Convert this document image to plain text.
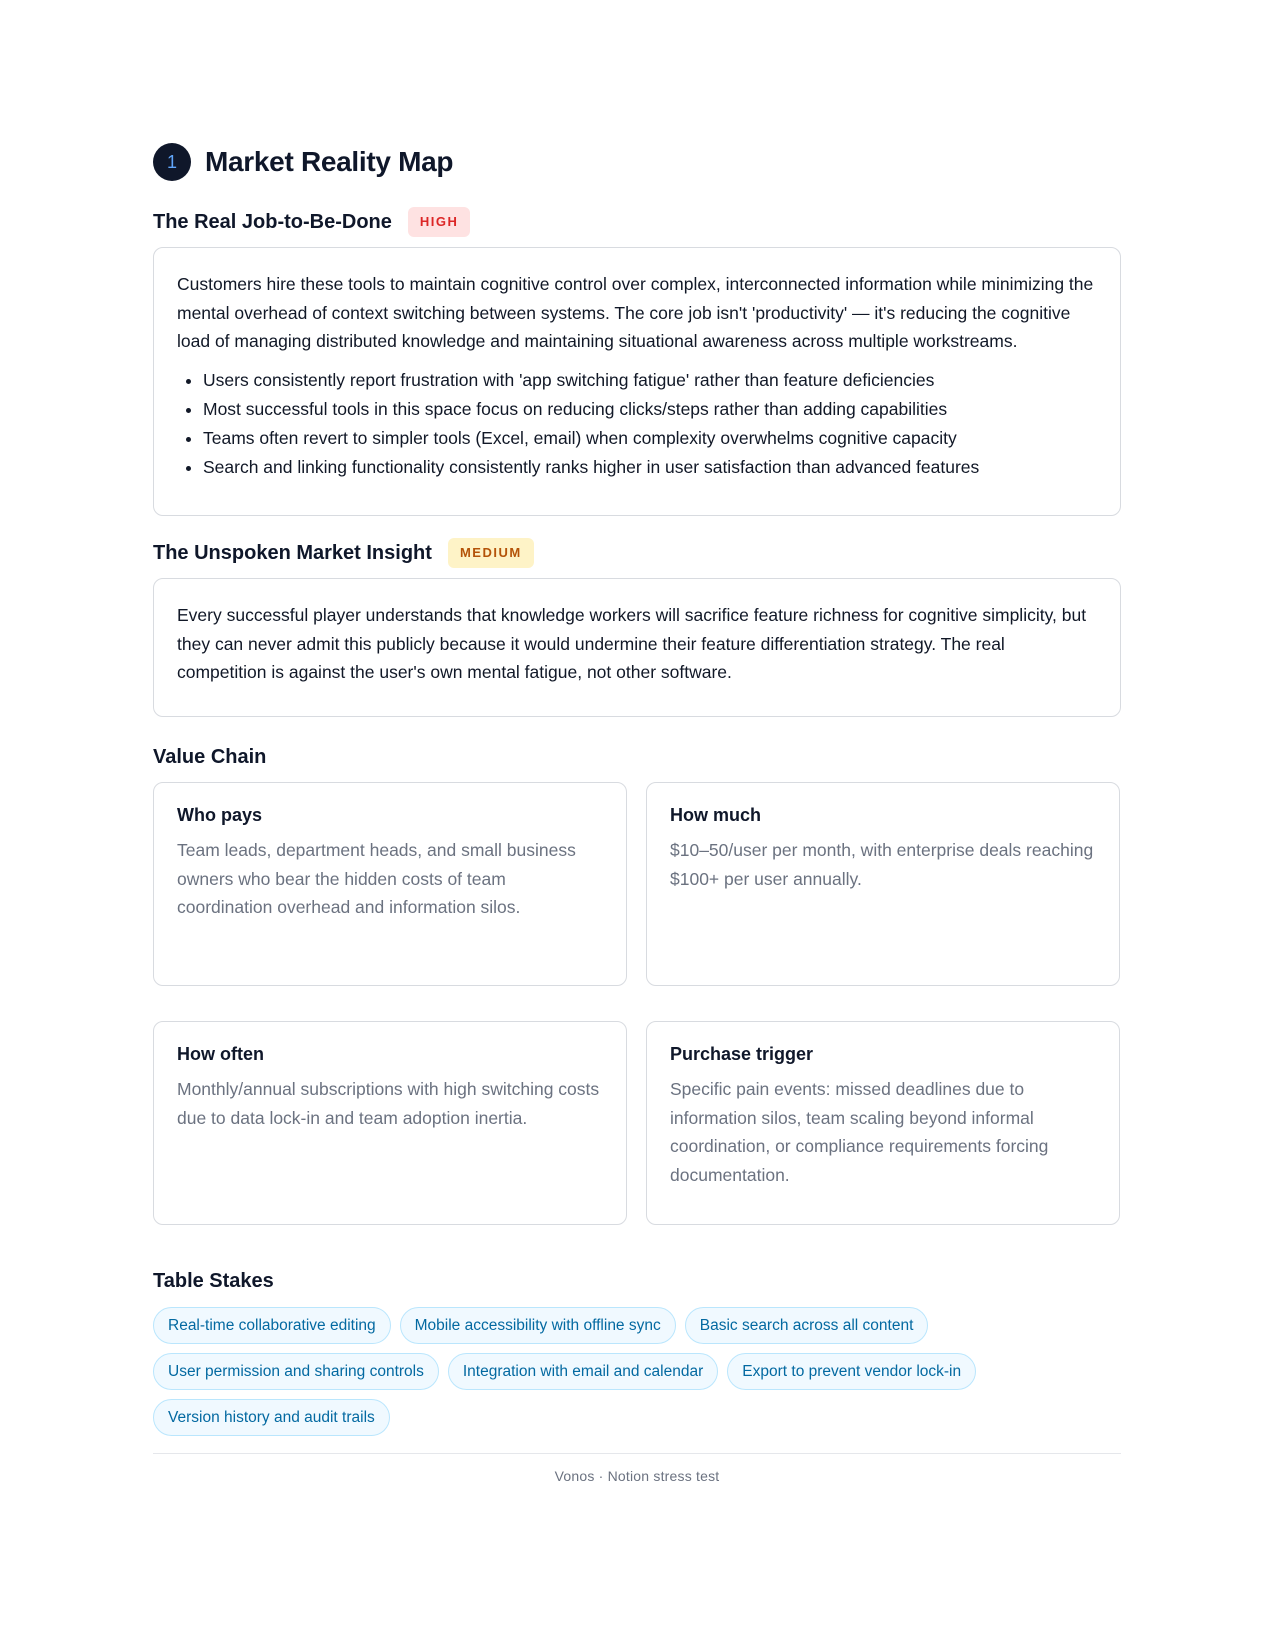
1	Market Reality Map
The Real Job-to-Be-Done	HIGH

Customers hire these tools to maintain cognitive control over complex, interconnected information while minimizing the mental overhead of context switching between systems. The core job isn't 'productivity' — it's reducing the cognitive load of managing distributed knowledge and maintaining situational awareness across multiple workstreams.

• Users consistently report frustration with 'app switching fatigue' rather than feature deficiencies
• Most successful tools in this space focus on reducing clicks/steps rather than adding capabilities
• Teams often revert to simpler tools (Excel, email) when complexity overwhelms cognitive capacity
• Search and linking functionality consistently ranks higher in user satisfaction than advanced features
The Unspoken Market Insight	MEDIUM

Every successful player understands that knowledge workers will sacrifice feature richness for cognitive simplicity, but they can never admit this publicly because it would undermine their feature differentiation strategy. The real competition is against the user's own mental fatigue, not other software.

Value Chain
Who pays
Team leads, department heads, and small business owners who bear the hidden costs of team coordination overhead and information silos.
How much
$10–50/user per month, with enterprise deals reaching $100+ per user annually.
How often
Monthly/annual subscriptions with high switching costs due to data lock-in and team adoption inertia.
Purchase trigger
Specific pain events: missed deadlines due to information silos, team scaling beyond informal coordination, or compliance requirements forcing documentation.
Table Stakes
Real-time collaborative editing	Mobile accessibility with offline sync	Basic search across all content
User permission and sharing controls	Integration with email and calendar	Export to prevent vendor lock-in
Version history and audit trails
Vonos · Notion stress test
